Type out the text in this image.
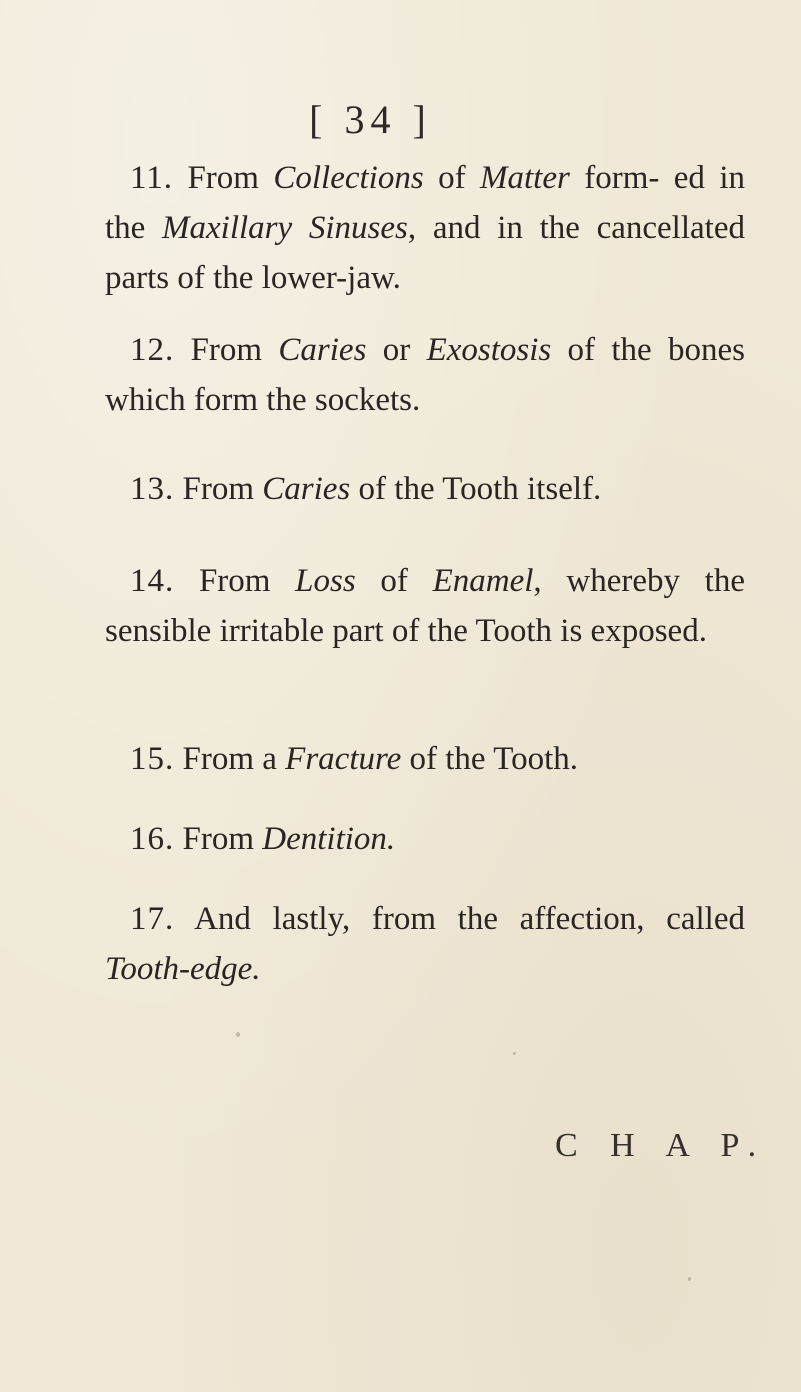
[ 34 ]
11. From Collections of Matter form- ed in the Maxillary Sinuses, and in the cancellated parts of the lower-jaw.
12. From Caries or Exostosis of the bones which form the sockets.
13. From Caries of the Tooth itself.
14. From Loss of Enamel, whereby the sensible irritable part of the Tooth is exposed.
15. From a Fracture of the Tooth.
16. From Dentition.
17. And lastly, from the affection, called Tooth-edge.
C H A P.
